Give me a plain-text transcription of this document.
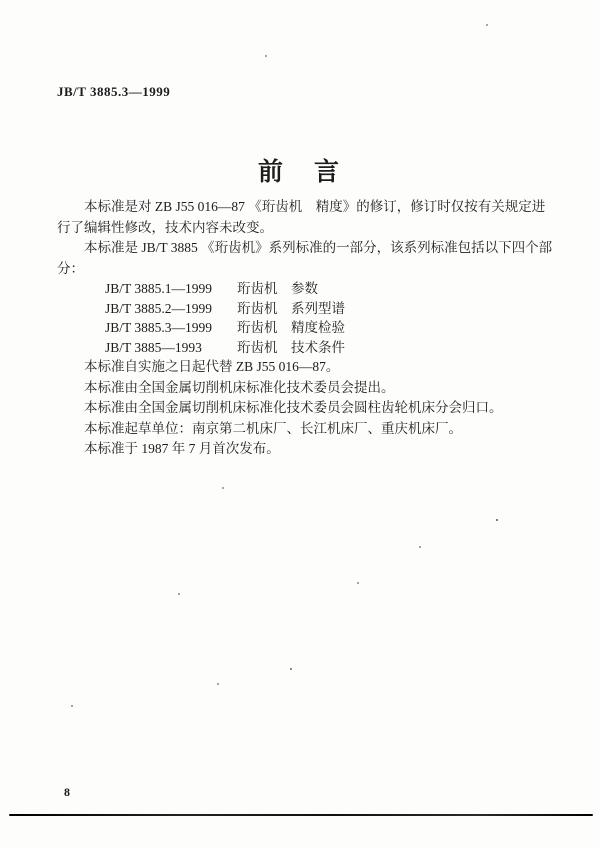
JB/T 3885.3—1999
前　言

本标准是对 ZB J55 016—87 《珩齿机　精度》的修订，修订时仅按有关规定进行了编辑性修改，技术内容未改变。

本标准是 JB/T 3885 《珩齿机》系列标准的一部分，该系列标准包括以下四个部分：

JB/T 3885.1—1999	珩齿机　参数
JB/T 3885.2—1999	珩齿机　系列型谱
JB/T 3885.3—1999	珩齿机　精度检验
JB/T 3885—1993	珩齿机　技术条件

本标准自实施之日起代替 ZB J55 016—87。

本标准由全国金属切削机床标准化技术委员会提出。

本标准由全国金属切削机床标准化技术委员会圆柱齿轮机床分会归口。

本标准起草单位：南京第二机床厂、长江机床厂、重庆机床厂。

本标准于 1987 年 7 月首次发布。

8
